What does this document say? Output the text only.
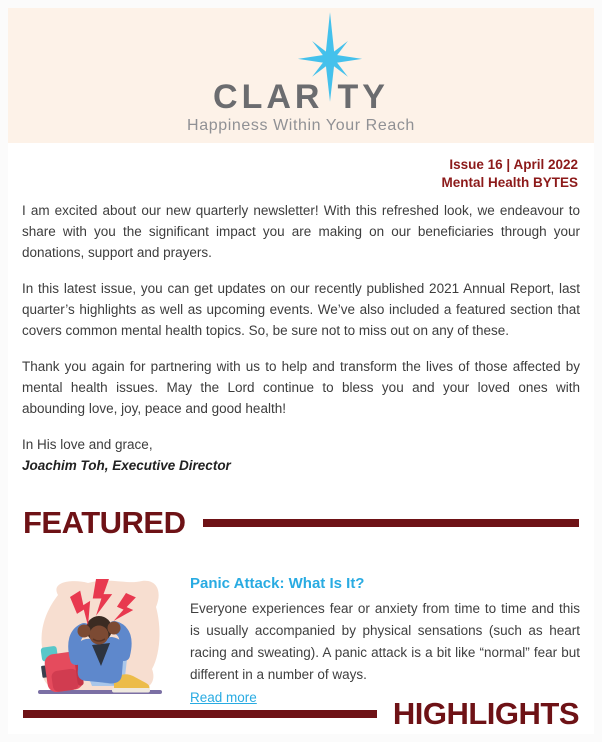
CLAR TY
Happiness Within Your Reach
Issue 16 | April 2022
Mental Health BYTES

I am excited about our new quarterly newsletter! With this refreshed look, we endeavour to share with you the significant impact you are making on our beneficiaries through your donations, support and prayers.

In this latest issue, you can get updates on our recently published 2021 Annual Report, last quarter’s highlights as well as upcoming events. We’ve also included a featured section that covers common mental health topics. So, be sure not to miss out on any of these.

Thank you again for partnering with us to help and transform the lives of those affected by mental health issues. May the Lord continue to bless you and your loved ones with abounding love, joy, peace and good health!

In His love and grace,

Joachim Toh, Executive Director

FEATURED
Panic Attack: What Is It?

Everyone experiences fear or anxiety from time to time and this is usually accompanied by physical sensations (such as heart racing and sweating). A panic attack is a bit like “normal” fear but different in a number of ways.

Read more	HIGHLIGHTS
